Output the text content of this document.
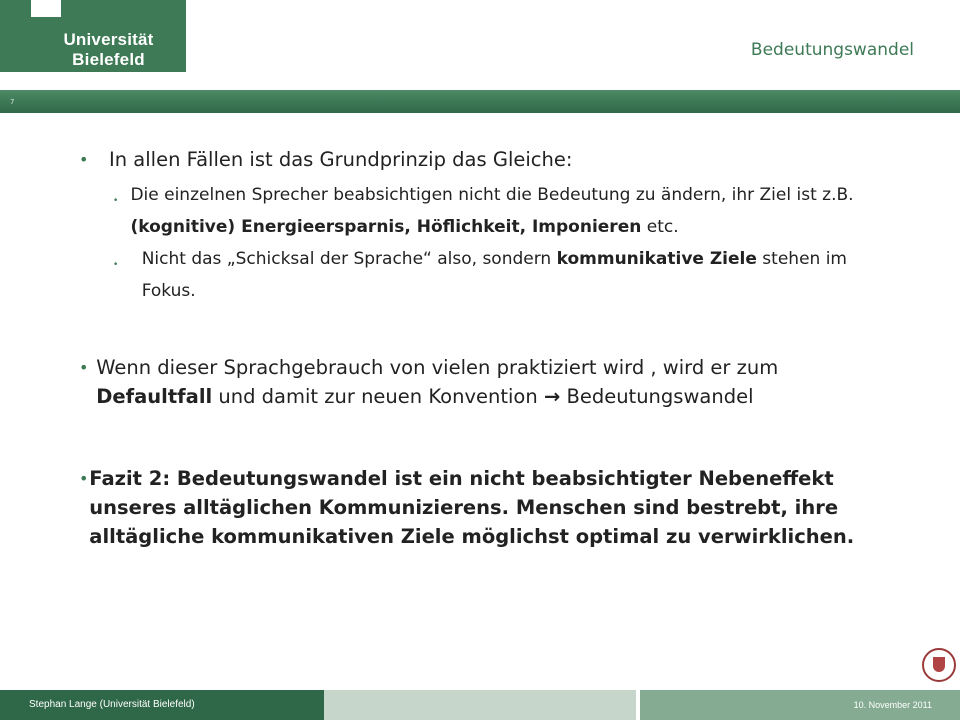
Universität Bielefeld	Bedeutungswandel
7
•	In allen Fällen ist das Grundprinzip das Gleiche:
• Die einzelnen Sprecher beabsichtigen nicht die Bedeutung zu ändern, ihr Ziel ist z.B. (kognitive) Energieersparnis, Höflichkeit, Imponieren etc.
•	Nicht das „Schicksal der Sprache“ also, sondern kommunikative Ziele stehen im Fokus.
• Wenn dieser Sprachgebrauch von vielen praktiziert wird , wird er zum Defaultfall und damit zur neuen Konvention → Bedeutungswandel
• Fazit 2: Bedeutungswandel ist ein nicht beabsichtigter Nebeneffekt unseres alltäglichen Kommunizierens. Menschen sind bestrebt, ihre alltägliche kommunikativen Ziele möglichst optimal zu verwirklichen.
Stephan Lange (Universität Bielefeld)	10. November 2011
